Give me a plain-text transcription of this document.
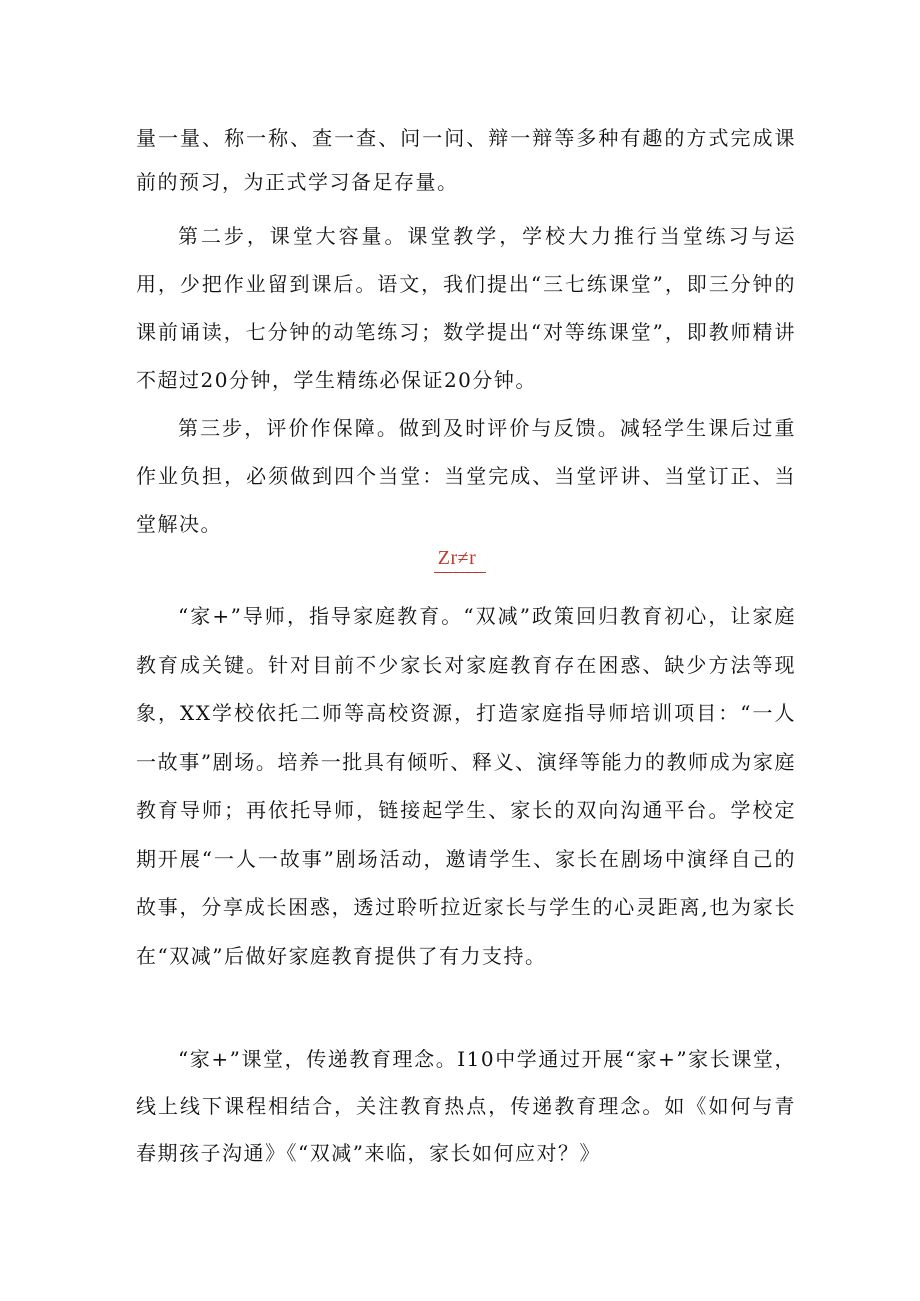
量一量、称一称、查一查、问一问、辩一辩等多种有趣的方式完成课前的预习，为正式学习备足存量。

第二步，课堂大容量。课堂教学，学校大力推行当堂练习与运用，少把作业留到课后。语文，我们提出“三七练课堂”，即三分钟的课前诵读，七分钟的动笔练习；数学提出“对等练课堂”，即教师精讲不超过20分钟，学生精练必保证20分钟。

第三步，评价作保障。做到及时评价与反馈。减轻学生课后过重作业负担，必须做到四个当堂：当堂完成、当堂评讲、当堂订正、当堂解决。

Zr≠r

“家+”导师，指导家庭教育。“双减”政策回归教育初心，让家庭教育成关键。针对目前不少家长对家庭教育存在困惑、缺少方法等现象，XX学校依托二师等高校资源，打造家庭指导师培训项目：“一人一故事”剧场。培养一批具有倾听、释义、演绎等能力的教师成为家庭教育导师；再依托导师，链接起学生、家长的双向沟通平台。学校定期开展“一人一故事”剧场活动，邀请学生、家长在剧场中演绎自己的故事，分享成长困惑，透过聆听拉近家长与学生的心灵距离,也为家长在“双减”后做好家庭教育提供了有力支持。

“家+”课堂，传递教育理念。I10中学通过开展“家+”家长课堂，线上线下课程相结合，关注教育热点，传递教育理念。如《如何与青春期孩子沟通》《“双减”来临，家长如何应对？》
